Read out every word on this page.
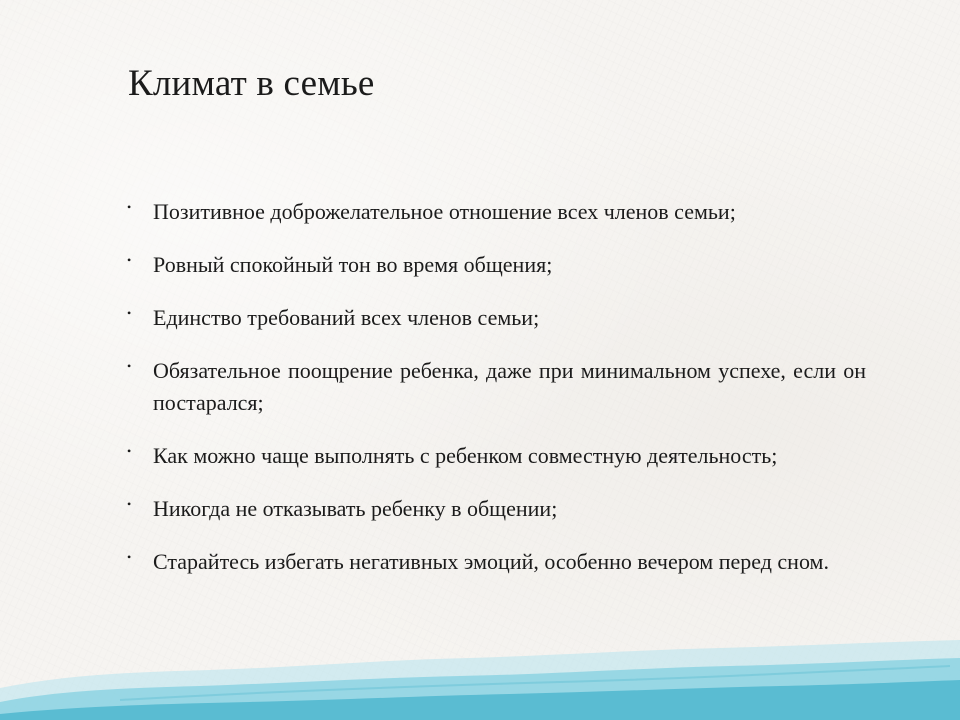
Климат в семье
• Позитивное доброжелательное отношение всех членов семьи;
• Ровный спокойный тон во время общения;
• Единство требований всех членов семьи;
• Обязательное поощрение ребенка, даже при минимальном успехе, если он постарался;
• Как можно чаще выполнять с ребенком совместную деятельность;
• Никогда не отказывать ребенку в общении;
• Старайтесь избегать негативных эмоций, особенно вечером перед сном.
